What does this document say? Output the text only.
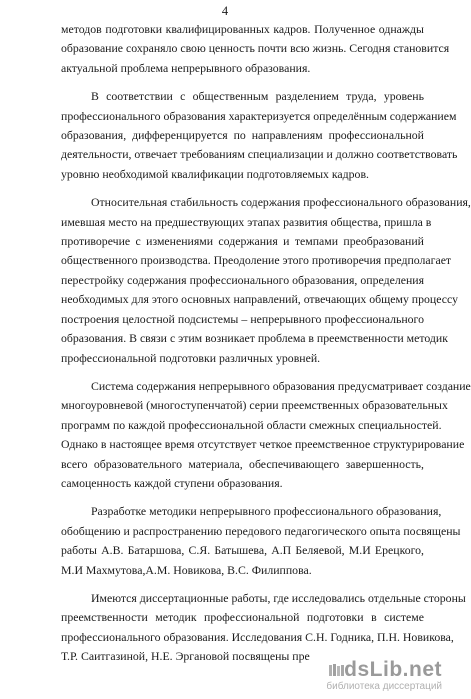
4
методов подготовки квалифицированных кадров. Полученное однажды
образование сохраняло свою ценность почти всю жизнь. Сегодня становится
актуальной проблема непрерывного образования.
В соответствии с общественным разделением труда, уровень
профессионального образования характеризуется определённым содержанием
образования, дифференцируется по направлениям профессиональной
деятельности, отвечает требованиям специализации и должно соответствовать
уровню необходимой квалификации подготовляемых кадров.
Относительная стабильность содержания профессионального образования,
имевшая место на предшествующих этапах развития общества, пришла в
противоречие с изменениями содержания и темпами преобразований
общественного производства. Преодоление этого противоречия предполагает
перестройку содержания профессионального образования, определения
необходимых для этого основных направлений, отвечающих общему процессу
построения целостной подсистемы – непрерывного профессионального
образования. В связи с этим возникает проблема в преемственности методик
профессиональной подготовки различных уровней.
Система содержания непрерывного образования предусматривает создание
многоуровневой (многоступенчатой) серии преемственных образовательных
программ по каждой профессиональной области смежных специальностей.
Однако в настоящее время отсутствует четкое преемственное структурирование
всего образовательного материала, обеспечивающего завершенность,
самоценность каждой ступени образования.
Разработке методики непрерывного профессионального образования,
обобщению и распространению передового педагогического опыта посвящены
работы А.В. Батаршова, С.Я. Батышева, А.П Беляевой, М.И Ерецкого,
М.И Махмутова,А.М. Новикова, В.С. Филиппова.
Имеются диссертационные работы, где исследовались отдельные стороны
преемственности методик профессиональной подготовки в системе
профессионального образования. Исследования С.Н. Годника, П.Н. Новикова,
Т.Р. Саитгазиной, Н.Е. Эргановой посвящены пре
dsLib.net
библиотека диссертаций
